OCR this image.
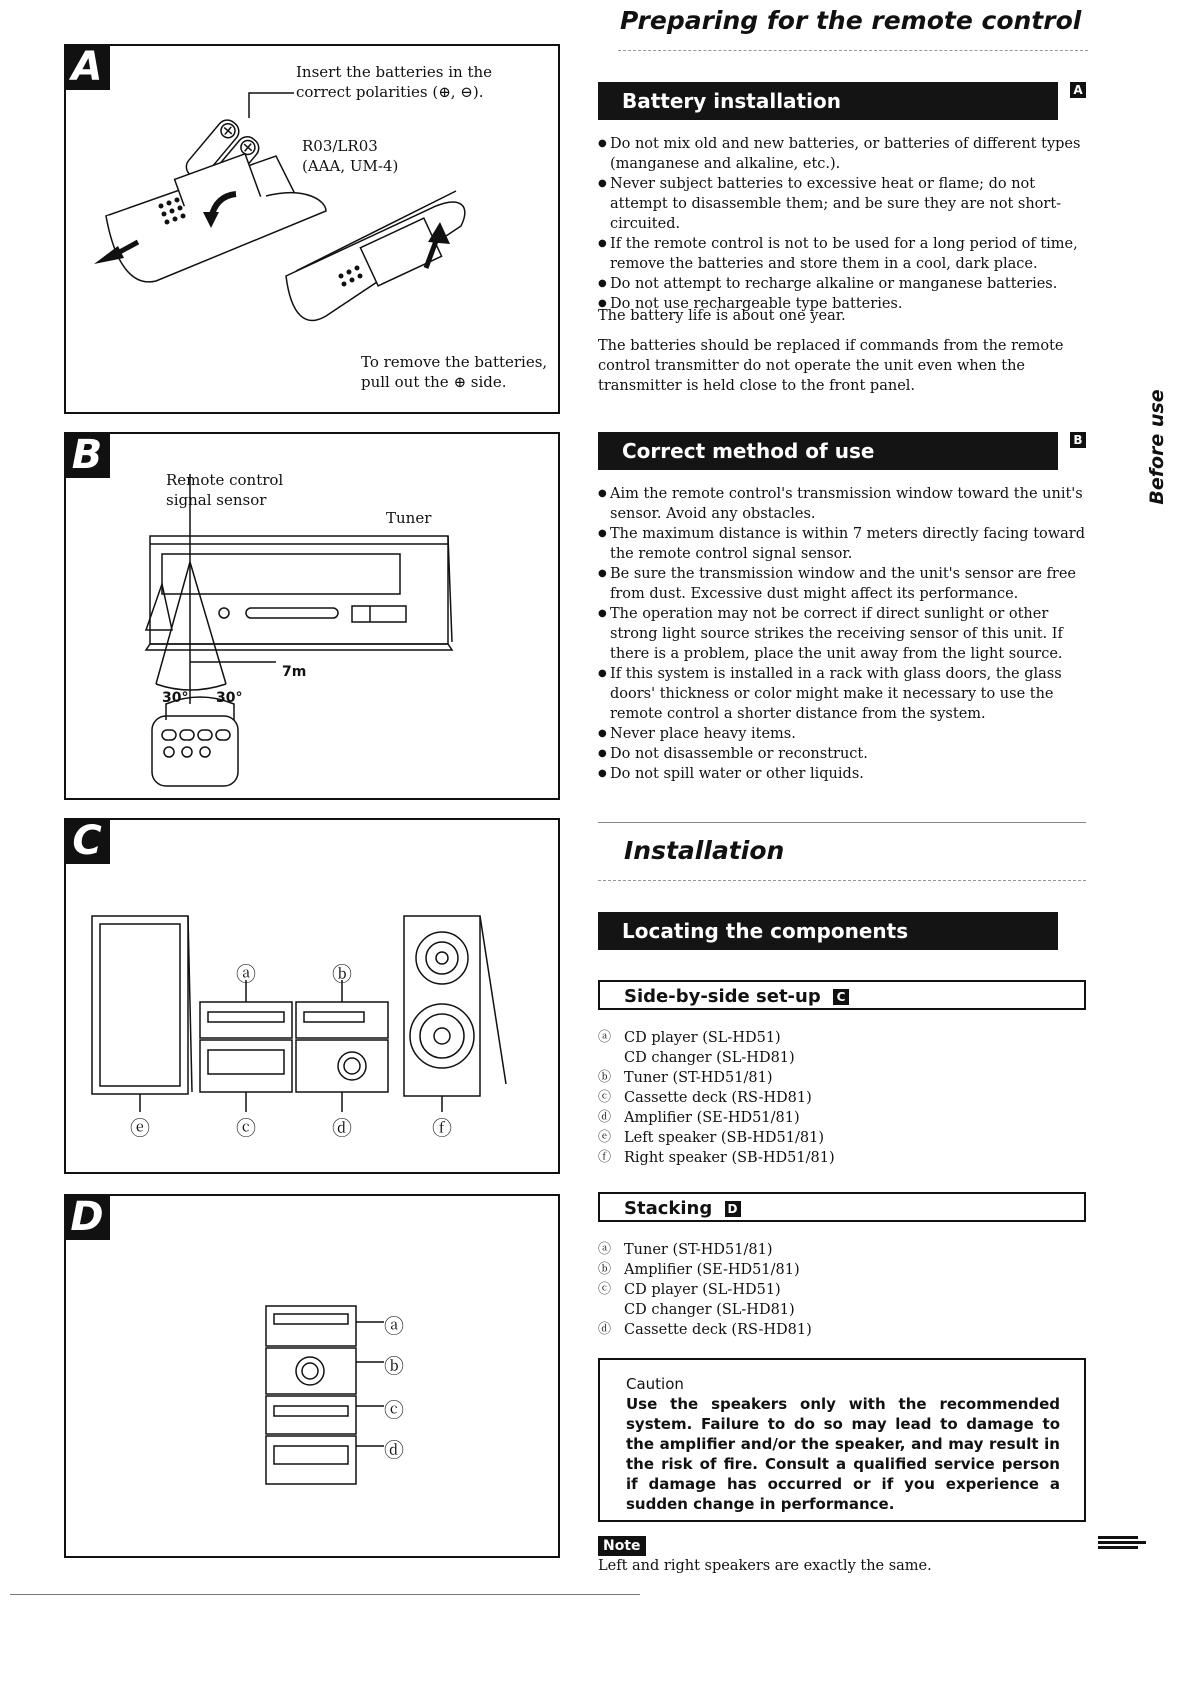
Preparing for the remote control
Before use
A	Insert the batteries in the correct polarities (⊕, ⊖).
R03/LR03 (AAA, UM-4)
To remove the batteries, pull out the ⊕ side.
B
Remote control signal sensor
Tuner
7m
30° 30°
C
ⓐ	ⓑ
ⓔ	ⓒ	ⓓ	ⓕ
D
ⓐ
ⓑ
ⓒ
ⓓ
Battery installation	A
● Do not mix old and new batteries, or batteries of different types (manganese and alkaline, etc.).
● Never subject batteries to excessive heat or flame; do not attempt to disassemble them; and be sure they are not short-circuited.
● If the remote control is not to be used for a long period of time, remove the batteries and store them in a cool, dark place.
● Do not attempt to recharge alkaline or manganese batteries.
● Do not use rechargeable type batteries.
The battery life is about one year.
The batteries should be replaced if commands from the remote control transmitter do not operate the unit even when the transmitter is held close to the front panel.
Correct method of use	B
● Aim the remote control's transmission window toward the unit's sensor. Avoid any obstacles.
● The maximum distance is within 7 meters directly facing toward the remote control signal sensor.
● Be sure the transmission window and the unit's sensor are free from dust. Excessive dust might affect its performance.
● The operation may not be correct if direct sunlight or other strong light source strikes the receiving sensor of this unit. If there is a problem, place the unit away from the light source.
● If this system is installed in a rack with glass doors, the glass doors' thickness or color might make it necessary to use the remote control a shorter distance from the system.
● Never place heavy items.
● Do not disassemble or reconstruct.
● Do not spill water or other liquids.
Installation
Locating the components
Side-by-side set-up C
ⓐ CD player (SL-HD51)
CD changer (SL-HD81)
ⓑ Tuner (ST-HD51/81)
ⓒ Cassette deck (RS-HD81)
ⓓ Amplifier (SE-HD51/81)
ⓔ Left speaker (SB-HD51/81)
ⓕ Right speaker (SB-HD51/81)
Stacking D
ⓐ Tuner (ST-HD51/81)
ⓑ Amplifier (SE-HD51/81)
ⓒ CD player (SL-HD51)
CD changer (SL-HD81)
ⓓ Cassette deck (RS-HD81)
Caution
Use the speakers only with the recommended system. Failure to do so may lead to damage to the amplifier and/or the speaker, and may result in the risk of fire. Consult a qualified service person if damage has occurred or if you experience a sudden change in performance.
Note
Left and right speakers are exactly the same.
